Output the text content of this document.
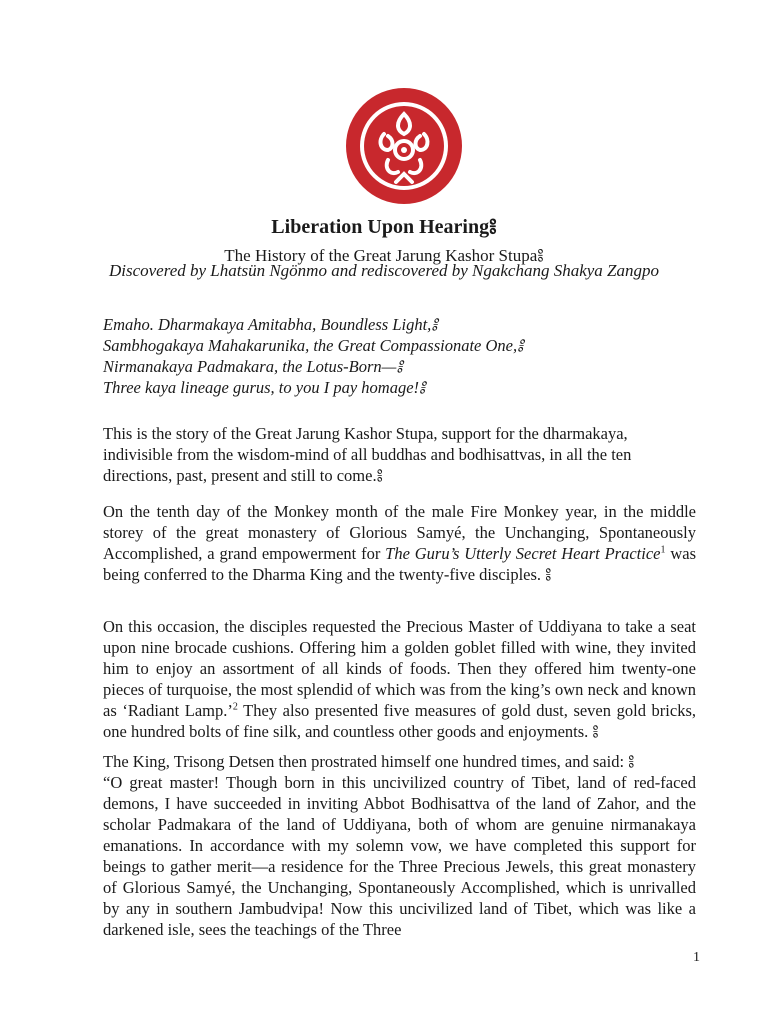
Liberation Upon Hearing༔
The History of the Great Jarung Kashor Stupa༔
Discovered by Lhatsün Ngönmo and rediscovered by Ngakchang Shakya Zangpo
Emaho. Dharmakaya Amitabha, Boundless Light,༔
Sambhogakaya Mahakarunika, the Great Compassionate One,༔
Nirmanakaya Padmakara, the Lotus-Born—༔
Three kaya lineage gurus, to you I pay homage!༔

This is the story of the Great Jarung Kashor Stupa, support for the dharmakaya, indivisible from the wisdom-mind of all buddhas and bodhisattvas, in all the ten directions, past, present and still to come.༔

On the tenth day of the Monkey month of the male Fire Monkey year, in the middle storey of the great monastery of Glorious Samyé, the Unchanging, Spontaneously Accomplished, a grand empowerment for The Guru’s Utterly Secret Heart Practice$^1$ was being conferred to the Dharma King and the twenty-five disciples. ༔

On this occasion, the disciples requested the Precious Master of Uddiyana to take a seat upon nine brocade cushions. Offering him a golden goblet filled with wine, they invited him to enjoy an assortment of all kinds of foods. Then they offered him twenty-one pieces of turquoise, the most splendid of which was from the king’s own neck and known as ‘Radiant Lamp.’$^2$ They also presented five measures of gold dust, seven gold bricks, one hundred bolts of fine silk, and countless other goods and enjoyments. ༔

The King, Trisong Detsen then prostrated himself one hundred times, and said: ༔

“O great master! Though born in this uncivilized country of Tibet, land of red-faced demons, I have succeeded in inviting Abbot Bodhisattva of the land of Zahor, and the scholar Padmakara of the land of Uddiyana, both of whom are genuine nirmanakaya emanations. In accordance with my solemn vow, we have completed this support for beings to gather merit—a residence for the Three Precious Jewels, this great monastery of Glorious Samyé, the Unchanging, Spontaneously Accomplished, which is unrivalled by any in southern Jambudvipa! Now this uncivilized land of Tibet, which was like a darkened isle, sees the teachings of the Three

1
